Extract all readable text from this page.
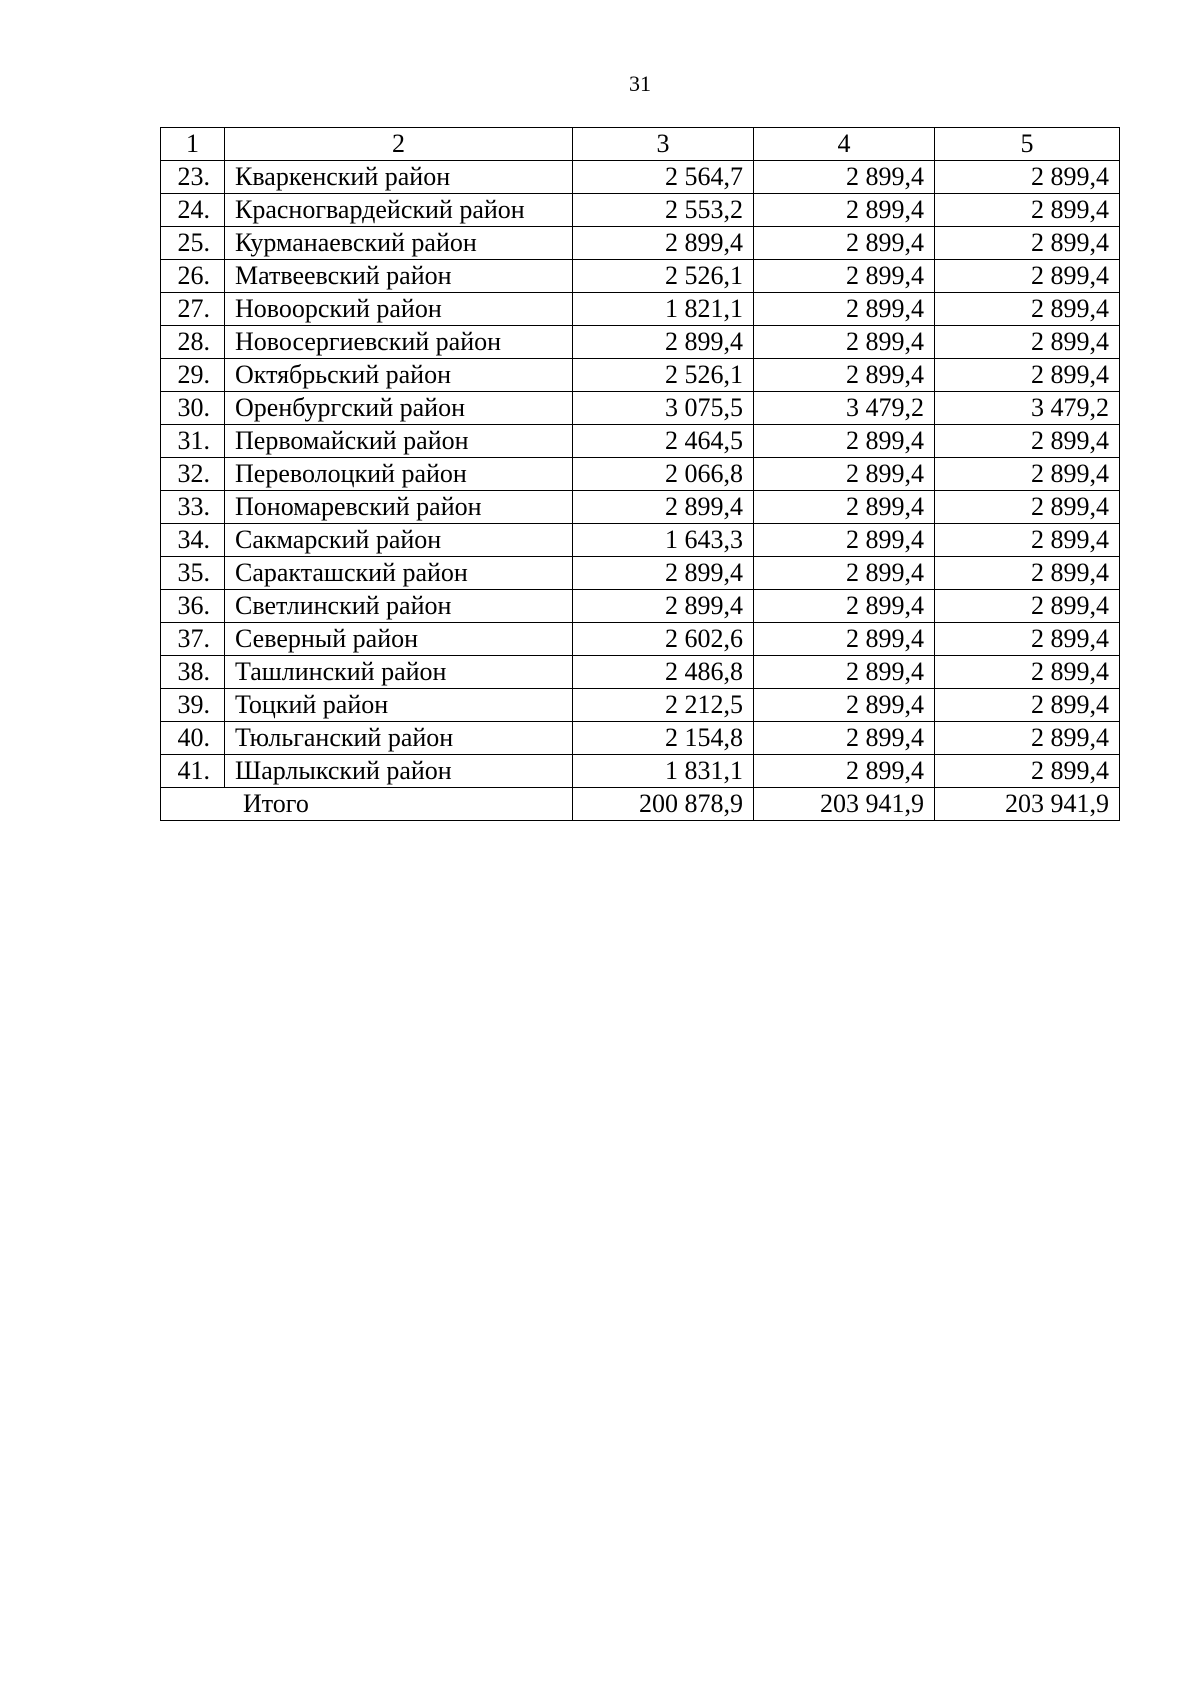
31
1	2	3	4	5
23.	Кваркенский район	2 564,7	2 899,4	2 899,4
24.	Красногвардейский район	2 553,2	2 899,4	2 899,4
25.	Курманаевский район	2 899,4	2 899,4	2 899,4
26.	Матвеевский район	2 526,1	2 899,4	2 899,4
27.	Новоорский район	1 821,1	2 899,4	2 899,4
28.	Новосергиевский район	2 899,4	2 899,4	2 899,4
29.	Октябрьский район	2 526,1	2 899,4	2 899,4
30.	Оренбургский район	3 075,5	3 479,2	3 479,2
31.	Первомайский район	2 464,5	2 899,4	2 899,4
32.	Переволоцкий район	2 066,8	2 899,4	2 899,4
33.	Пономаревский район	2 899,4	2 899,4	2 899,4
34.	Сакмарский район	1 643,3	2 899,4	2 899,4
35.	Саракташский район	2 899,4	2 899,4	2 899,4
36.	Светлинский район	2 899,4	2 899,4	2 899,4
37.	Северный район	2 602,6	2 899,4	2 899,4
38.	Ташлинский район	2 486,8	2 899,4	2 899,4
39.	Тоцкий район	2 212,5	2 899,4	2 899,4
40.	Тюльганский район	2 154,8	2 899,4	2 899,4
41.	Шарлыкский район	1 831,1	2 899,4	2 899,4
Итого		200 878,9	203 941,9	203 941,9
